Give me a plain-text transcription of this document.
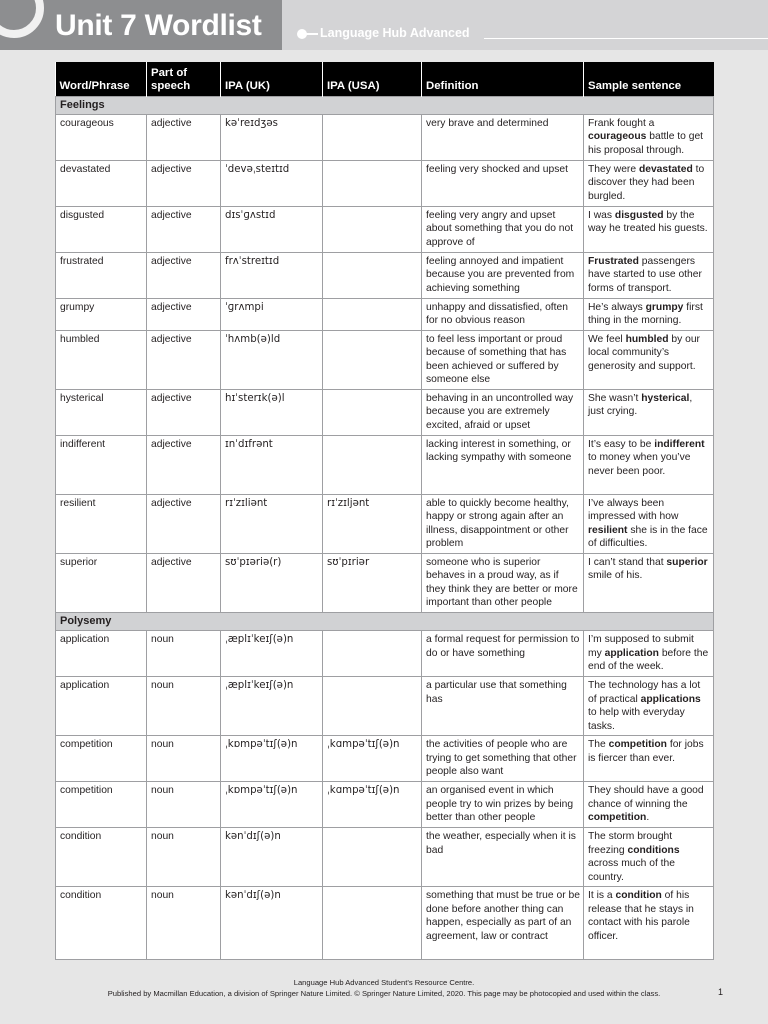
Unit 7 Wordlist	Language Hub Advanced
Word/Phrase	Part of speech	IPA (UK)	IPA (USA)	Definition	Sample sentence
Feelings					
courageous	adjective	kəˈreɪdʒəs		very brave and determined	Frank fought a courageous battle to get his proposal through.
devastated	adjective	ˈdevəˌsteɪtɪd		feeling very shocked and upset	They were devastated to discover they had been burgled.
disgusted	adjective	dɪsˈɡʌstɪd		feeling very angry and upset about something that you do not approve of	I was disgusted by the way he treated his guests.
frustrated	adjective	frʌˈstreɪtɪd		feeling annoyed and impatient because you are prevented from achieving something	Frustrated passengers have started to use other forms of transport.
grumpy	adjective	ˈɡrʌmpi		unhappy and dissatisfied, often for no obvious reason	He’s always grumpy first thing in the morning.
humbled	adjective	ˈhʌmb(ə)ld		to feel less important or proud because of something that has been achieved or suffered by someone else	We feel humbled by our local community’s generosity and support.
hysterical	adjective	hɪˈsterɪk(ə)l		behaving in an uncontrolled way because you are extremely excited, afraid or upset	She wasn’t hysterical, just crying.
indifferent	adjective	ɪnˈdɪfrənt		lacking interest in something, or lacking sympathy with someone	It’s easy to be indifferent to money when you’ve never been poor.
resilient	adjective	rɪˈzɪliənt	rɪˈzɪljənt	able to quickly become healthy, happy or strong again after an illness, disappointment or other problem	I’ve always been impressed with how resilient she is in the face of difficulties.
superior	adjective	sʊˈpɪəriə(r)	sʊˈpɪriər	someone who is superior behaves in a proud way, as if they think they are better or more important than other people	I can’t stand that superior smile of his.
Polysemy					
application	noun	ˌæplɪˈkeɪʃ(ə)n		a formal request for permission to do or have something	I’m supposed to submit my application before the end of the week.
application	noun	ˌæplɪˈkeɪʃ(ə)n		a particular use that something has	The technology has a lot of practical applications to help with everyday tasks.
competition	noun	ˌkɒmpəˈtɪʃ(ə)n	ˌkɑmpəˈtɪʃ(ə)n	the activities of people who are trying to get something that other people also want	The competition for jobs is fiercer than ever.
competition	noun	ˌkɒmpəˈtɪʃ(ə)n	ˌkɑmpəˈtɪʃ(ə)n	an organised event in which people try to win prizes by being better than other people	They should have a good chance of winning the competition.
condition	noun	kənˈdɪʃ(ə)n		the weather, especially when it is bad	The storm brought freezing conditions across much of the country.
condition	noun	kənˈdɪʃ(ə)n		something that must be true or be done before another thing can happen, especially as part of an agreement, law or contract	It is a condition of his release that he stays in contact with his parole officer.
Language Hub Advanced Student’s Resource Centre.
Published by Macmillan Education, a division of Springer Nature Limited. © Springer Nature Limited, 2020. This page may be photocopied and used within the class.	1
